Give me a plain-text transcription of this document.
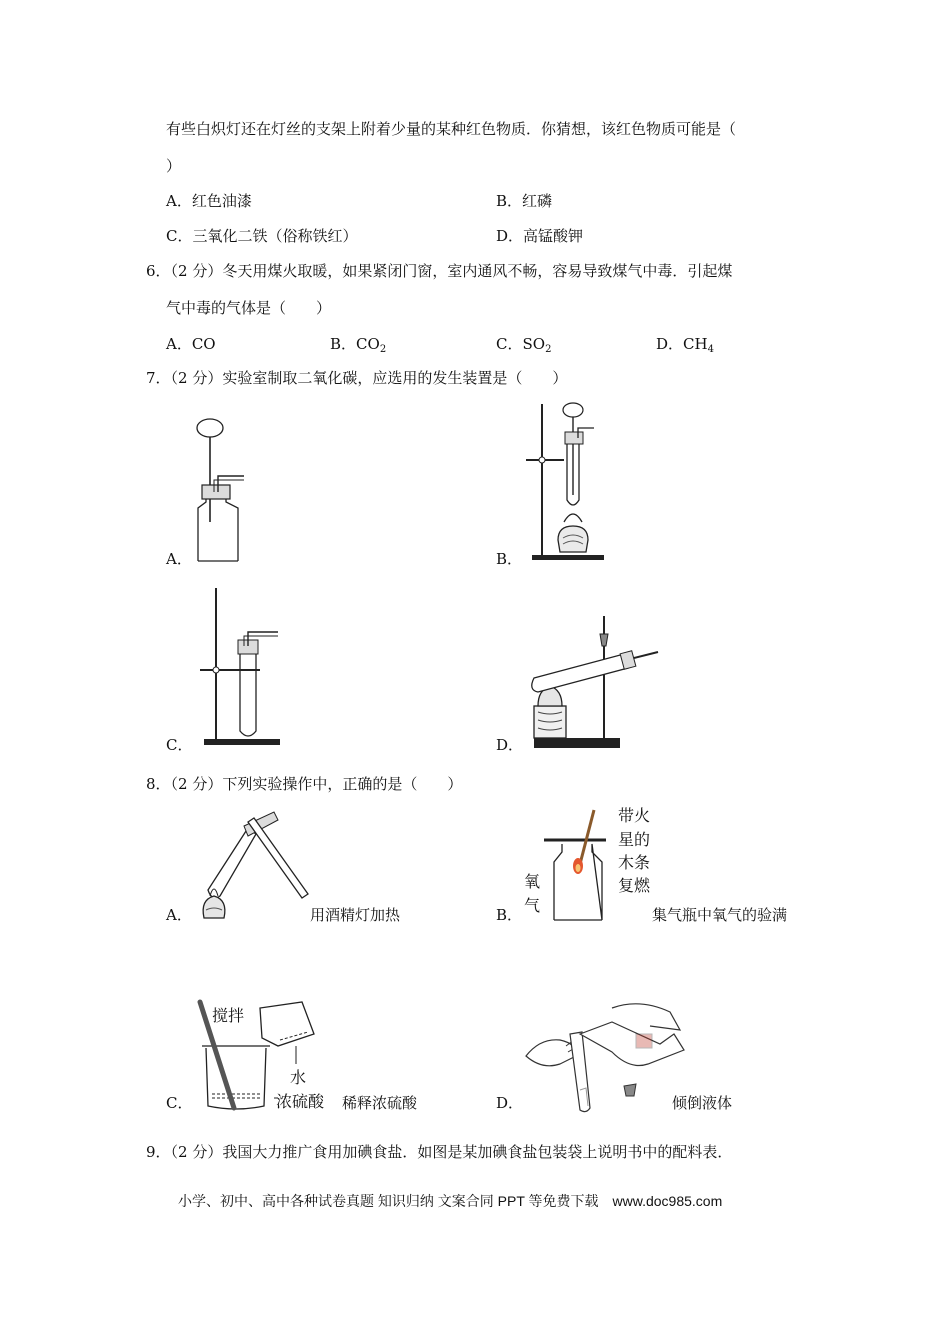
有些白炽灯还在灯丝的支架上附着少量的某种红色物质．你猜想，该红色物质可能是（
）
A．红色油漆	B．红磷
C．三氧化二铁（俗称铁红）	D．高锰酸钾
6．（2 分）冬天用煤火取暖，如果紧闭门窗，室内通风不畅，容易导致煤气中毒．引起煤
气中毒的气体是（　　）
A．CO	B．$CO_2$	C．$SO_2$	D．$CH_4$
7．（2 分）实验室制取二氧化碳，应选用的发生装置是（　　）
A．	B．
C．	D．
8．（2 分）下列实验操作中，正确的是（　　）
A．	用酒精灯加热	B．
带火
星的
木条
复燃
氧
气	集气瓶中氧气的验满
C．
搅拌
水
浓硫酸 稀释浓硫酸	D．	倾倒液体
9．（2 分）我国大力推广食用加碘食盐．如图是某加碘食盐包装袋上说明书中的配料表．
小学、初中、高中各种试卷真题 知识归纳 文案合同 PPT 等免费下载　www.doc985.com
